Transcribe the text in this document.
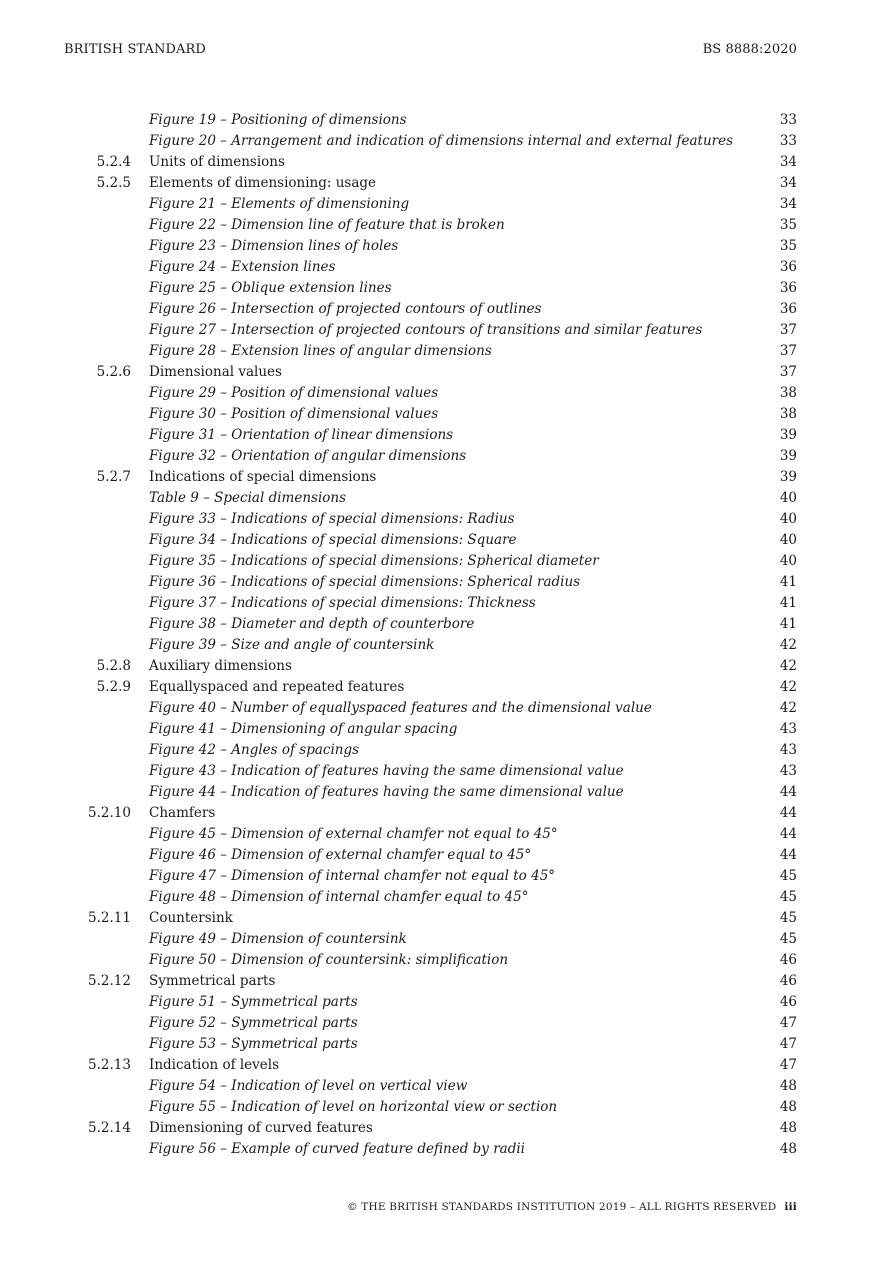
BRITISH STANDARD	BS 8888:2020
Figure 19 – Positioning of dimensions	33
Figure 20 – Arrangement and indication of dimensions internal and external features	33
5.2.4 Units of dimensions	34
5.2.5 Elements of dimensioning: usage	34
Figure 21 – Elements of dimensioning	34
Figure 22 – Dimension line of feature that is broken	35
Figure 23 – Dimension lines of holes	35
Figure 24 – Extension lines	36
Figure 25 – Oblique extension lines	36
Figure 26 – Intersection of projected contours of outlines	36
Figure 27 – Intersection of projected contours of transitions and similar features	37
Figure 28 – Extension lines of angular dimensions	37
5.2.6 Dimensional values	37
Figure 29 – Position of dimensional values	38
Figure 30 – Position of dimensional values	38
Figure 31 – Orientation of linear dimensions	39
Figure 32 – Orientation of angular dimensions	39
5.2.7 Indications of special dimensions	39
Table 9 – Special dimensions	40
Figure 33 – Indications of special dimensions: Radius	40
Figure 34 – Indications of special dimensions: Square	40
Figure 35 – Indications of special dimensions: Spherical diameter	40
Figure 36 – Indications of special dimensions: Spherical radius	41
Figure 37 – Indications of special dimensions: Thickness	41
Figure 38 – Diameter and depth of counterbore	41
Figure 39 – Size and angle of countersink	42
5.2.8 Auxiliary dimensions	42
5.2.9 Equallyspaced and repeated features	42
Figure 40 – Number of equallyspaced features and the dimensional value	42
Figure 41 – Dimensioning of angular spacing	43
Figure 42 – Angles of spacings	43
Figure 43 – Indication of features having the same dimensional value	43
Figure 44 – Indication of features having the same dimensional value	44
5.2.10 Chamfers	44
Figure 45 – Dimension of external chamfer not equal to 45°	44
Figure 46 – Dimension of external chamfer equal to 45°	44
Figure 47 – Dimension of internal chamfer not equal to 45°	45
Figure 48 – Dimension of internal chamfer equal to 45°	45
5.2.11 Countersink	45
Figure 49 – Dimension of countersink	45
Figure 50 – Dimension of countersink: simplification	46
5.2.12 Symmetrical parts	46
Figure 51 – Symmetrical parts	46
Figure 52 – Symmetrical parts	47
Figure 53 – Symmetrical parts	47
5.2.13 Indication of levels	47
Figure 54 – Indication of level on vertical view	48
Figure 55 – Indication of level on horizontal view or section	48
5.2.14 Dimensioning of curved features	48
Figure 56 – Example of curved feature defined by radii	48
© THE BRITISH STANDARDS INSTITUTION 2019 – ALL RIGHTS RESERVED iii
